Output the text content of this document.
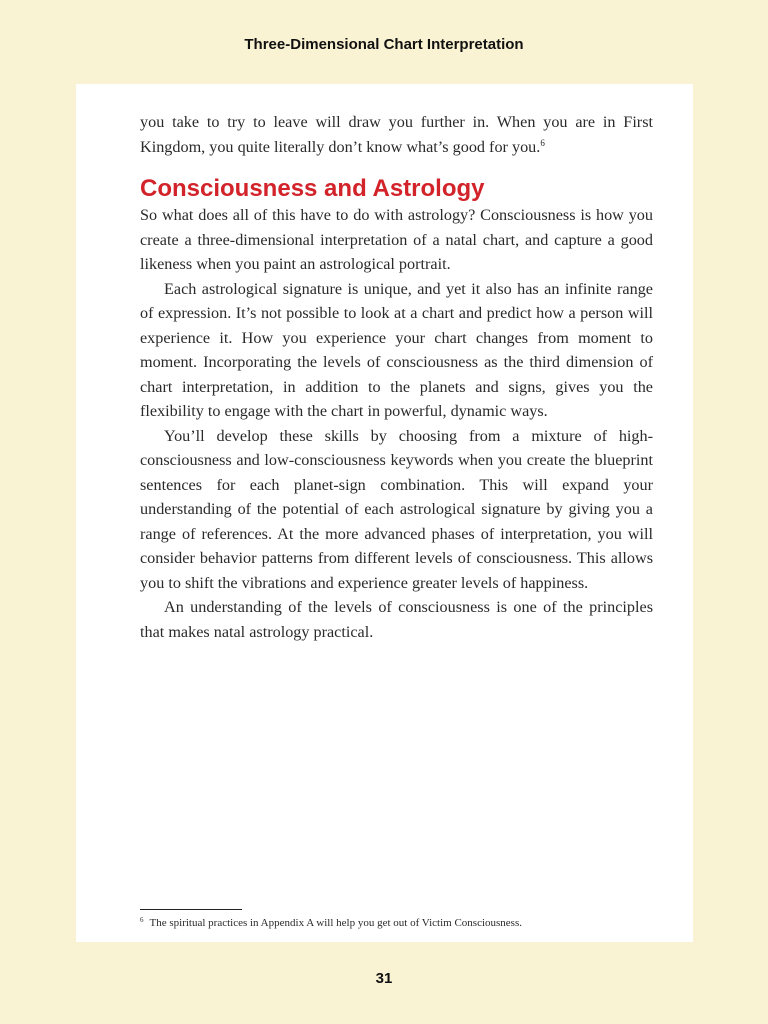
Three-Dimensional Chart Interpretation

you take to try to leave will draw you further in. When you are in First Kingdom, you quite literally don’t know what’s good for you.$^6$

Consciousness and Astrology

So what does all of this have to do with astrology? Consciousness is how you create a three-dimensional interpretation of a natal chart, and capture a good likeness when you paint an astrological portrait.

Each astrological signature is unique, and yet it also has an infinite range of expression. It’s not possible to look at a chart and predict how a person will experience it. How you experience your chart changes from moment to moment. Incorporating the levels of consciousness as the third dimension of chart interpretation, in addition to the planets and signs, gives you the flexibility to engage with the chart in powerful, dynamic ways.

You’ll develop these skills by choosing from a mixture of high-consciousness and low-consciousness keywords when you create the blueprint sentences for each planet-sign combination. This will expand your understanding of the potential of each astrological signature by giving you a range of references. At the more advanced phases of interpretation, you will consider behavior patterns from different levels of consciousness. This allows you to shift the vibrations and experience greater levels of happiness.

An understanding of the levels of consciousness is one of the principles that makes natal astrology practical.

$^6$ The spiritual practices in Appendix A will help you get out of Victim Consciousness.
31
